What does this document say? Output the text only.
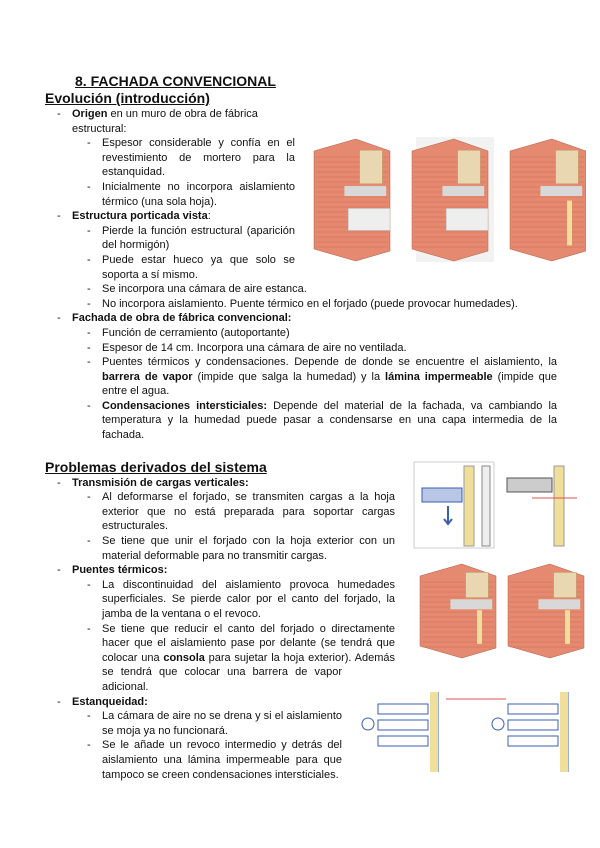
8. FACHADA CONVENCIONAL
Evolución (introducción)
- Origen en un muro de obra de fábrica estructural:
- Espesor considerable y confía en el revestimiento de mortero para la estanquidad.
- Inicialmente no incorpora aislamiento térmico (una sola hoja).
- Estructura porticada vista:
- Pierde la función estructural (aparición del hormigón)
- Puede estar hueco ya que solo se soporta a sí mismo.
- Se incorpora una cámara de aire estanca.
- No incorpora aislamiento. Puente térmico en el forjado (puede provocar humedades).
- Fachada de obra de fábrica convencional:
- Función de cerramiento (autoportante)
- Espesor de 14 cm. Incorpora una cámara de aire no ventilada.
- Puentes térmicos y condensaciones. Depende de donde se encuentre el aislamiento, la barrera de vapor (impide que salga la humedad) y la lámina impermeable (impide que entre el agua.
- Condensaciones intersticiales: Depende del material de la fachada, va cambiando la temperatura y la humedad puede pasar a condensarse en una capa intermedia de la fachada.
Problemas derivados del sistema
- Transmisión de cargas verticales:
- Al deformarse el forjado, se transmiten cargas a la hoja exterior que no está preparada para soportar cargas estructurales.
- Se tiene que unir el forjado con la hoja exterior con un material deformable para no transmitir cargas.
- Puentes térmicos:
- La discontinuidad del aislamiento provoca humedades superficiales. Se pierde calor por el canto del forjado, la jamba de la ventana o el revoco.
- Se tiene que reducir el canto del forjado o directamente hacer que el aislamiento pase por delante (se tendrá que colocar una consola para sujetar la hoja exterior). Además se tendrá que colocar una barrera de vapor adicional.
- Estanqueidad:
- La cámara de aire no se drena y si el aislamiento se moja ya no funcionará.
- Se le añade un revoco intermedio y detrás del aislamiento una lámina impermeable para que tampoco se creen condensaciones intersticiales.
